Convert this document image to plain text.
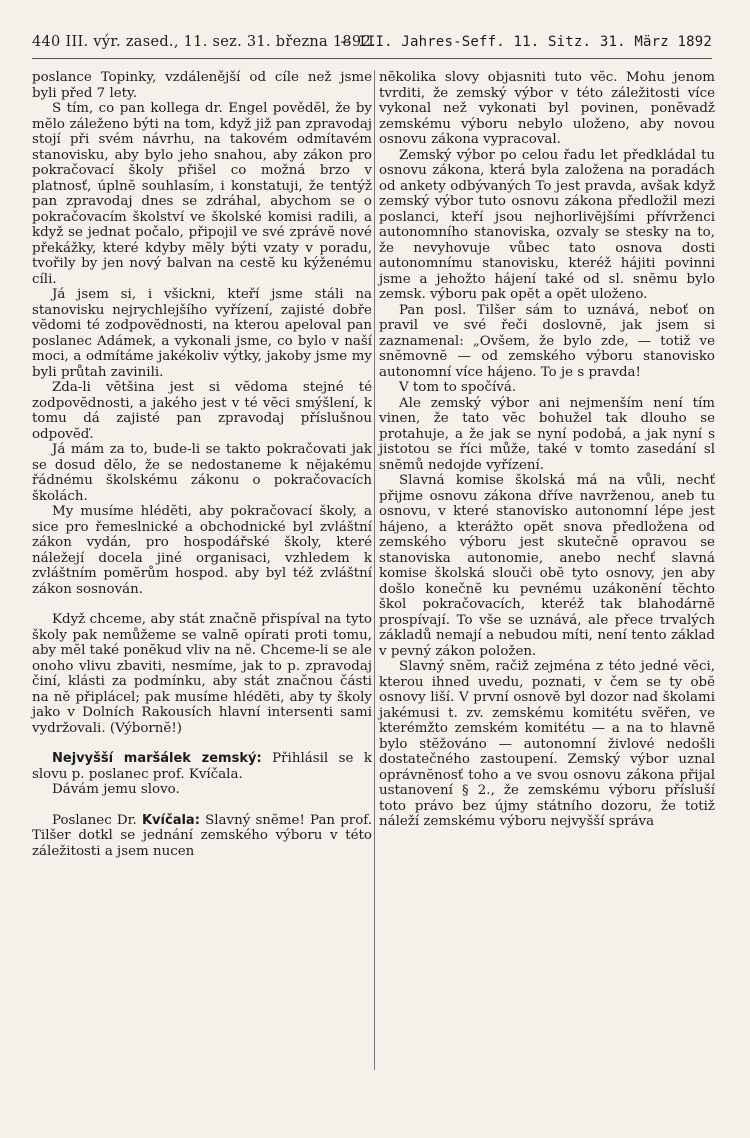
440 III. výr. zased., 11. sez. 31. března 1892.
– III. Jahres-Seff. 11. Sitz. 31. März 1892

poslance Topinky, vzdálenější od cíle než jsme byli před 7 lety.

S tím, co pan kollega dr. Engel povědĕl, že by mĕlo záleženo býti na tom, když již pan zpravodaj stojí při svém návrhu, na takovém odmítavém stanovisku, aby bylo jeho snahou, aby zákon pro pokračovací školy přišel co možná brzo v platnosť, úplnĕ souhlasím, i konstatuji, že tentýž pan zpravodaj dnes se zdráhal, abychom se o pokračovacím školství ve školské komisi radili, a když se jednat počalo, připojil ve své zprávĕ nové překážky, které kdyby mĕly býti vzaty v poradu, tvořily by jen nový balvan na cestĕ ku kýženému cíli.

Já jsem si, i všickni, kteří jsme stáli na stanovisku nejrychlejšího vyřízení, zajisté dobře vĕdomi té zodpovĕdnosti, na kterou apeloval pan poslanec Adámek, a vykonali jsme, co bylo v naší moci, a odmítáme jakékoliv výtky, jakoby jsme my byli průtah zavinili.

Zda-li vĕtšina jest si vĕdoma stejné té zodpovĕdnosti, a jakého jest v té vĕci smýšlení, k tomu dá zajisté pan zpravodaj příslušnou odpovĕď.

Já mám za to, bude-li se takto pokračovati jak se dosud dĕlo, že se nedostaneme k nĕjakému řádnému školskému zákonu o pokračovacích školách.

My musíme hlédĕti, aby pokračovací školy, a sice pro řemeslnické a obchodnické byl zvláštní zákon vydán, pro hospodářské školy, které náležejí docela jiné organisaci, vzhledem k zvláštním pomĕrům hospod. aby byl též zvláštní zákon sosnován.

Když chceme, aby stát značnĕ přispíval na tyto školy pak nemůžeme se valnĕ opírati proti tomu, aby mĕl také ponĕkud vliv na nĕ. Chceme-li se ale onoho vlivu zbaviti, nesmíme, jak to p. zpravodaj činí, klásti za podmínku, aby stát značnou části na nĕ připlácel; pak musíme hlédĕti, aby ty školy jako v Dolních Rakousích hlavní intersenti sami vydržovali. (Výbornĕ!)

Nejvyšší maršálek zemský: Přihlásil se k slovu p. poslanec prof. Kvíčala.

Dávám jemu slovo.

Poslanec Dr. Kvíčala: Slavný snĕme! Pan prof. Tilšer dotkl se jednání zemského výboru v této záležitosti a jsem nucen

nĕkolika slovy objasniti tuto vĕc. Mohu jenom tvrditi, že zemský výbor v této záležitosti více vykonal než vykonati byl povinen, ponĕvadž zemskému výboru nebylo uloženo, aby novou osnovu zákona vypracoval.

Zemský výbor po celou řadu let předkládal tu osnovu zákona, která byla založena na poradách od ankety odbývaných To jest pravda, avšak když zemský výbor tuto osnovu zákona předložil mezi poslanci, kteří jsou nejhorlivĕjšími přívrženci autonomního stanoviska, ozvaly se stesky na to, že nevyhovuje vůbec tato osnova dosti autonomnímu stanovisku, kteréž hájiti povinni jsme a jehožto hájení také od sl. snĕmu bylo zemsk. výboru pak opĕt a opĕt uloženo.

Pan posl. Tilšer sám to uznává, neboť on pravil ve své řeči doslovnĕ, jak jsem si zaznamenal: „Ovšem, že bylo zde, — totiž ve snĕmovnĕ — od zemského výboru stanovisko autonomní více hájeno. To je s pravda!

V tom to spočívá.

Ale zemský výbor ani nejmenším není tím vinen, že tato vĕc bohužel tak dlouho se protahuje, a že jak se nyní podobá, a jak nyní s jistotou se říci může, také v tomto zasedání sl snĕmů nedojde vyřízení.

Slavná komise školská má na vůli, nechť přijme osnovu zákona dříve navrženou, aneb tu osnovu, v které stanovisko autonomní lépe jest hájeno, a kterážto opĕt snova předložena od zemského výboru jest skutečnĕ opravou se stanoviska autonomie, anebo nechť slavná komise školská slouči obĕ tyto osnovy, jen aby došlo konečnĕ ku pevnému uzákonĕní tĕchto škol pokračovacích, kteréž tak blahodárnĕ prospívají. To vše se uznává, ale přece trvalých základů nemají a nebudou míti, není tento základ v pevný zákon položen.

Slavný snĕm, račiž zejména z této jedné vĕci, kterou ihned uvedu, poznati, v čem se ty obĕ osnovy liší. V první osnovĕ byl dozor nad školami jakémusi t. zv. zemskému komitétu svĕřen, ve kterémžto zemském komitétu — a na to hlavnĕ bylo stĕžováno — autonomní živlové nedošli dostatečného zastoupení. Zemský výbor uznal oprávnĕnosť toho a ve svou osnovu zákona přijal ustanovení § 2., že zemskému výboru přísluší toto právo bez újmy státního dozoru, že totiž náleží zemskému výboru nejvyšší správa
